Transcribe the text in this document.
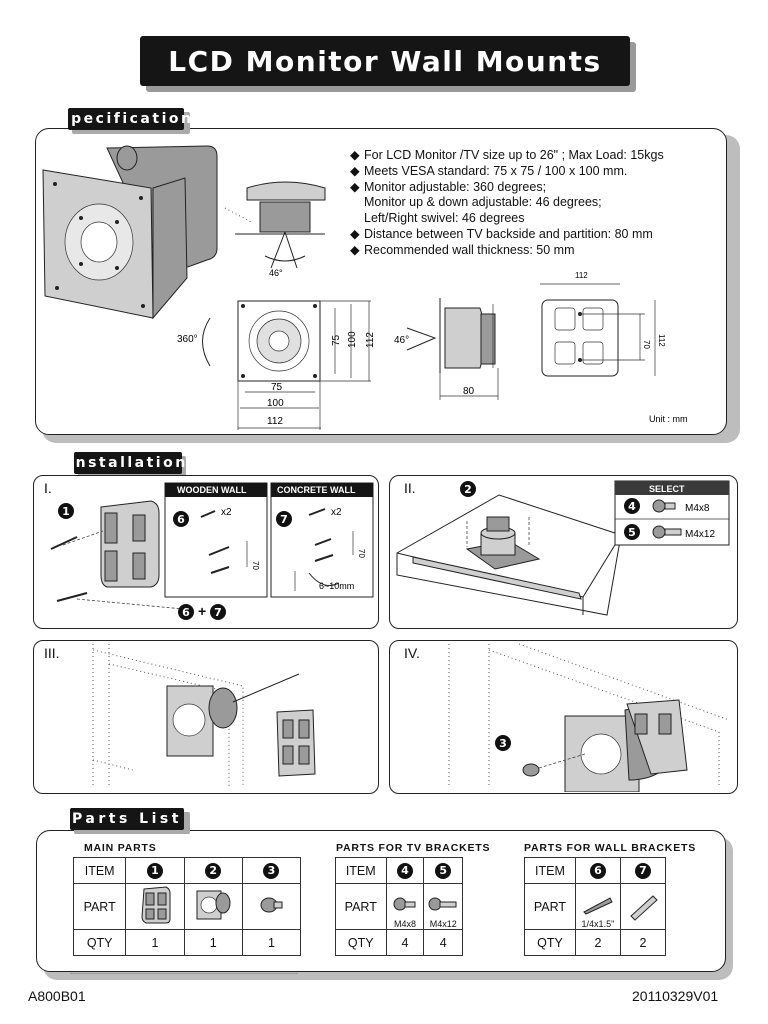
LCD Monitor Wall Mounts
Specification
46°
360°
75
100
112
75 100 112 46°
80
112
70 112
Unit : mm
◆ For LCD Monitor /TV size up to 26" ; Max Load: 15kgs
◆ Meets VESA standard: 75 x 75 / 100 x 100 mm.
◆ Monitor adjustable: 360 degrees;
Monitor up & down adjustable: 46 degrees;
Left/Right swivel: 46 degrees
◆ Distance between TV backside and partition: 80 mm
◆ Recommended wall thickness: 50 mm
installation
I.	WOODEN WALL	CONCRETE WALL
x2	x2
70
70
6~10mm
1
6	7
6 + 7
II.	SELECT
M4x8
M4x12
2
4
5
III.	IV.
3
Parts List
MAIN PARTS	PARTS FOR TV BRACKETS	PARTS FOR WALL BRACKETS
ITEM	1	2	3
PART			
QTY	1	1	1
ITEM	4	5
PART	M4x8	M4x12

QTY	4	4
ITEM	6	7
PART	1/4x1.5"

QTY	2	2
A800B01	20110329V01
